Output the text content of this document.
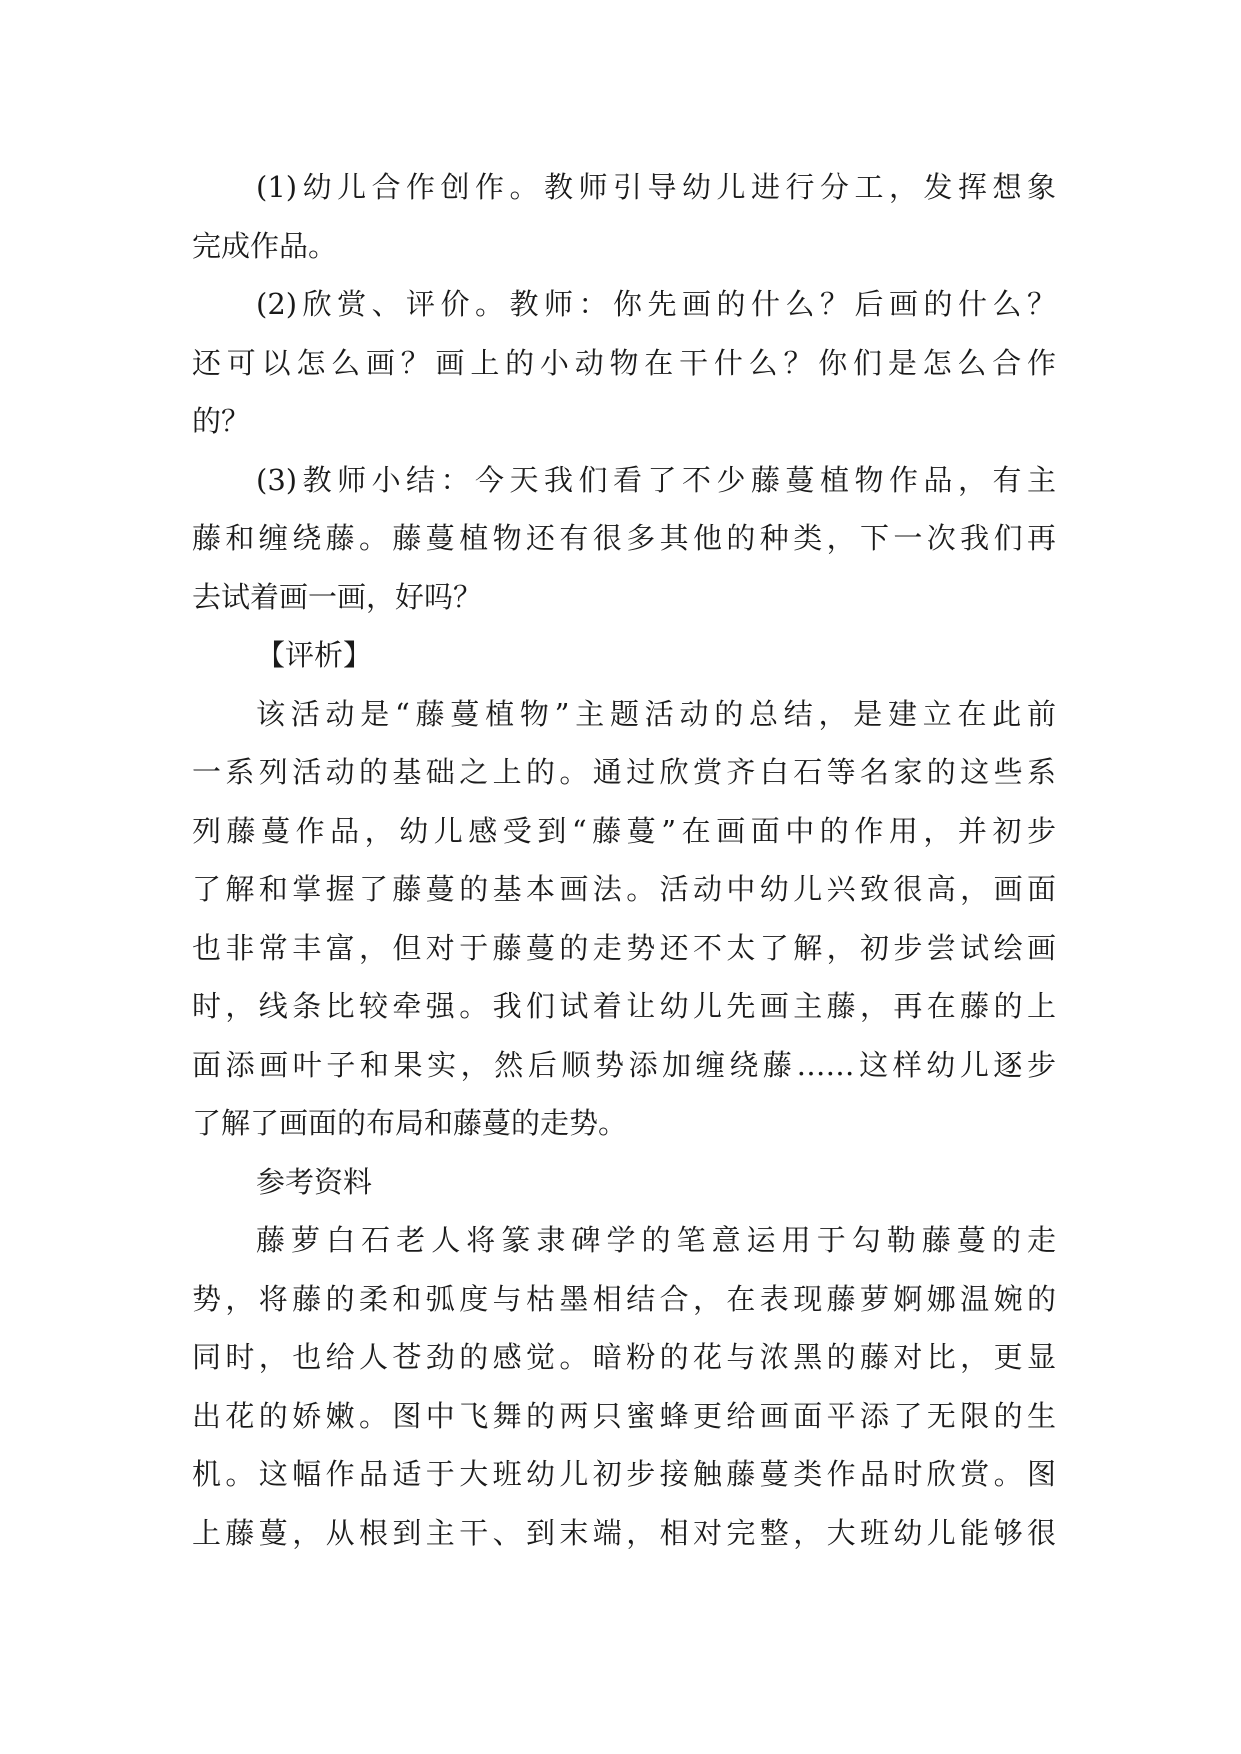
(1)幼儿合作创作。教师引导幼儿进行分工，发挥想象
完成作品。
(2)欣赏、评价。教师：你先画的什么？后画的什么？
还可以怎么画？画上的小动物在干什么？你们是怎么合作
的？
(3)教师小结：今天我们看了不少藤蔓植物作品，有主
藤和缠绕藤。藤蔓植物还有很多其他的种类，下一次我们再
去试着画一画，好吗？
【评析】
该活动是“藤蔓植物”主题活动的总结，是建立在此前
一系列活动的基础之上的。通过欣赏齐白石等名家的这些系
列藤蔓作品，幼儿感受到“藤蔓”在画面中的作用，并初步
了解和掌握了藤蔓的基本画法。活动中幼儿兴致很高，画面
也非常丰富，但对于藤蔓的走势还不太了解，初步尝试绘画
时，线条比较牵强。我们试着让幼儿先画主藤，再在藤的上
面添画叶子和果实，然后顺势添加缠绕藤……这样幼儿逐步
了解了画面的布局和藤蔓的走势。
参考资料
藤萝白石老人将篆隶碑学的笔意运用于勾勒藤蔓的走
势，将藤的柔和弧度与枯墨相结合，在表现藤萝婀娜温婉的
同时，也给人苍劲的感觉。暗粉的花与浓黑的藤对比，更显
出花的娇嫩。图中飞舞的两只蜜蜂更给画面平添了无限的生
机。这幅作品适于大班幼儿初步接触藤蔓类作品时欣赏。图
上藤蔓，从根到主干、到末端，相对完整，大班幼儿能够很
